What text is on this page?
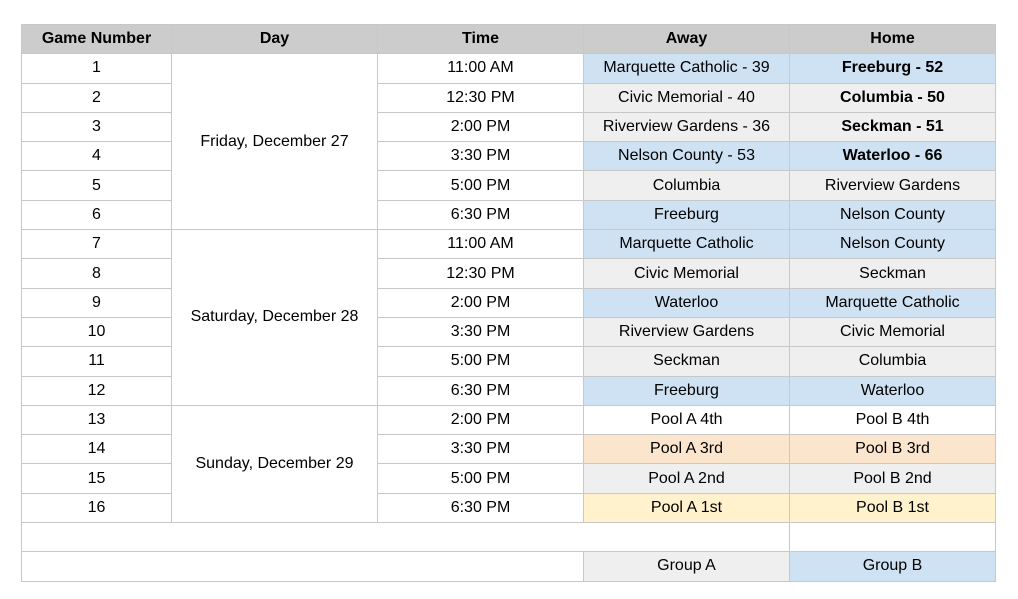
Game Number	Day	Time	Away	Home
1	Friday, December 27	11:00 AM	Marquette Catholic - 39	Freeburg - 52
2		12:30 PM	Civic Memorial - 40	Columbia - 50
3		2:00 PM	Riverview Gardens - 36	Seckman - 51
4		3:30 PM	Nelson County - 53	Waterloo - 66
5		5:00 PM	Columbia	Riverview Gardens
6		6:30 PM	Freeburg	Nelson County
7	Saturday, December 28	11:00 AM	Marquette Catholic	Nelson County
8		12:30 PM	Civic Memorial	Seckman
9		2:00 PM	Waterloo	Marquette Catholic
10		3:30 PM	Riverview Gardens	Civic Memorial
11		5:00 PM	Seckman	Columbia
12		6:30 PM	Freeburg	Waterloo
13	Sunday, December 29	2:00 PM	Pool A 4th	Pool B 4th
14		3:30 PM	Pool A 3rd	Pool B 3rd
15		5:00 PM	Pool A 2nd	Pool B 2nd
16		6:30 PM	Pool A 1st	Pool B 1st

			Group A	Group B
